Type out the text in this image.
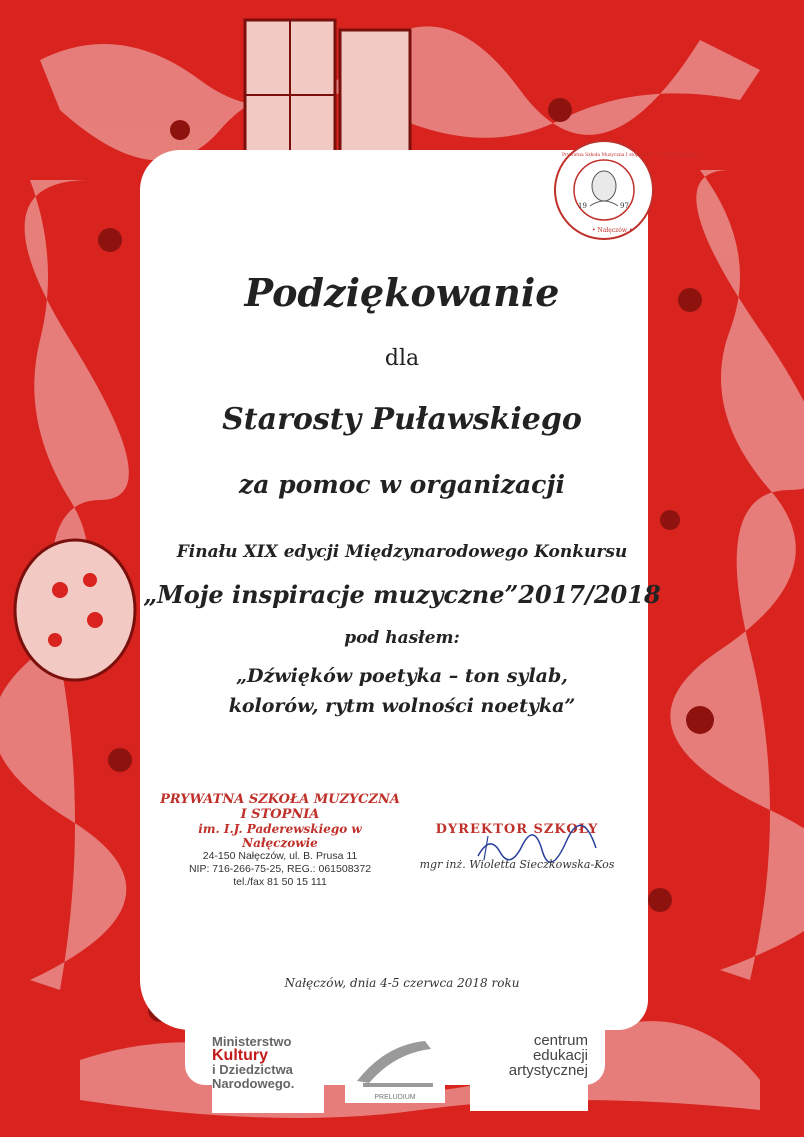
19	97
• Nałęczów •
Prywatna Szkoła Muzyczna I stopnia im. I. J. Paderewskiego
Podziękowanie
dla
Starosty Puławskiego
za pomoc w organizacji
Finału XIX edycji Międzynarodowego Konkursu
„Moje inspiracje muzyczne”2017/2018
pod hasłem:
„Dźwięków poetyka – ton sylab,
kolorów, rytm wolności noetyka”
PRYWATNA SZKOŁA MUZYCZNA
I STOPNIA
im. I.J. Paderewskiego w Nałęczowie
24-150 Nałęczów, ul. B. Prusa 11
NIP: 716-266-75-25, REG.: 061508372
tel./fax 81 50 15 111
DYREKTOR SZKOŁY
mgr inż. Wioletta Sieczkowska-Kos
Nałęczów, dnia 4-5 czerwca 2018 roku
Ministerstwo
Kultury
i Dziedzictwa
Narodowego.
PRELUDIUM
centrum
edukacji
artystycznej
